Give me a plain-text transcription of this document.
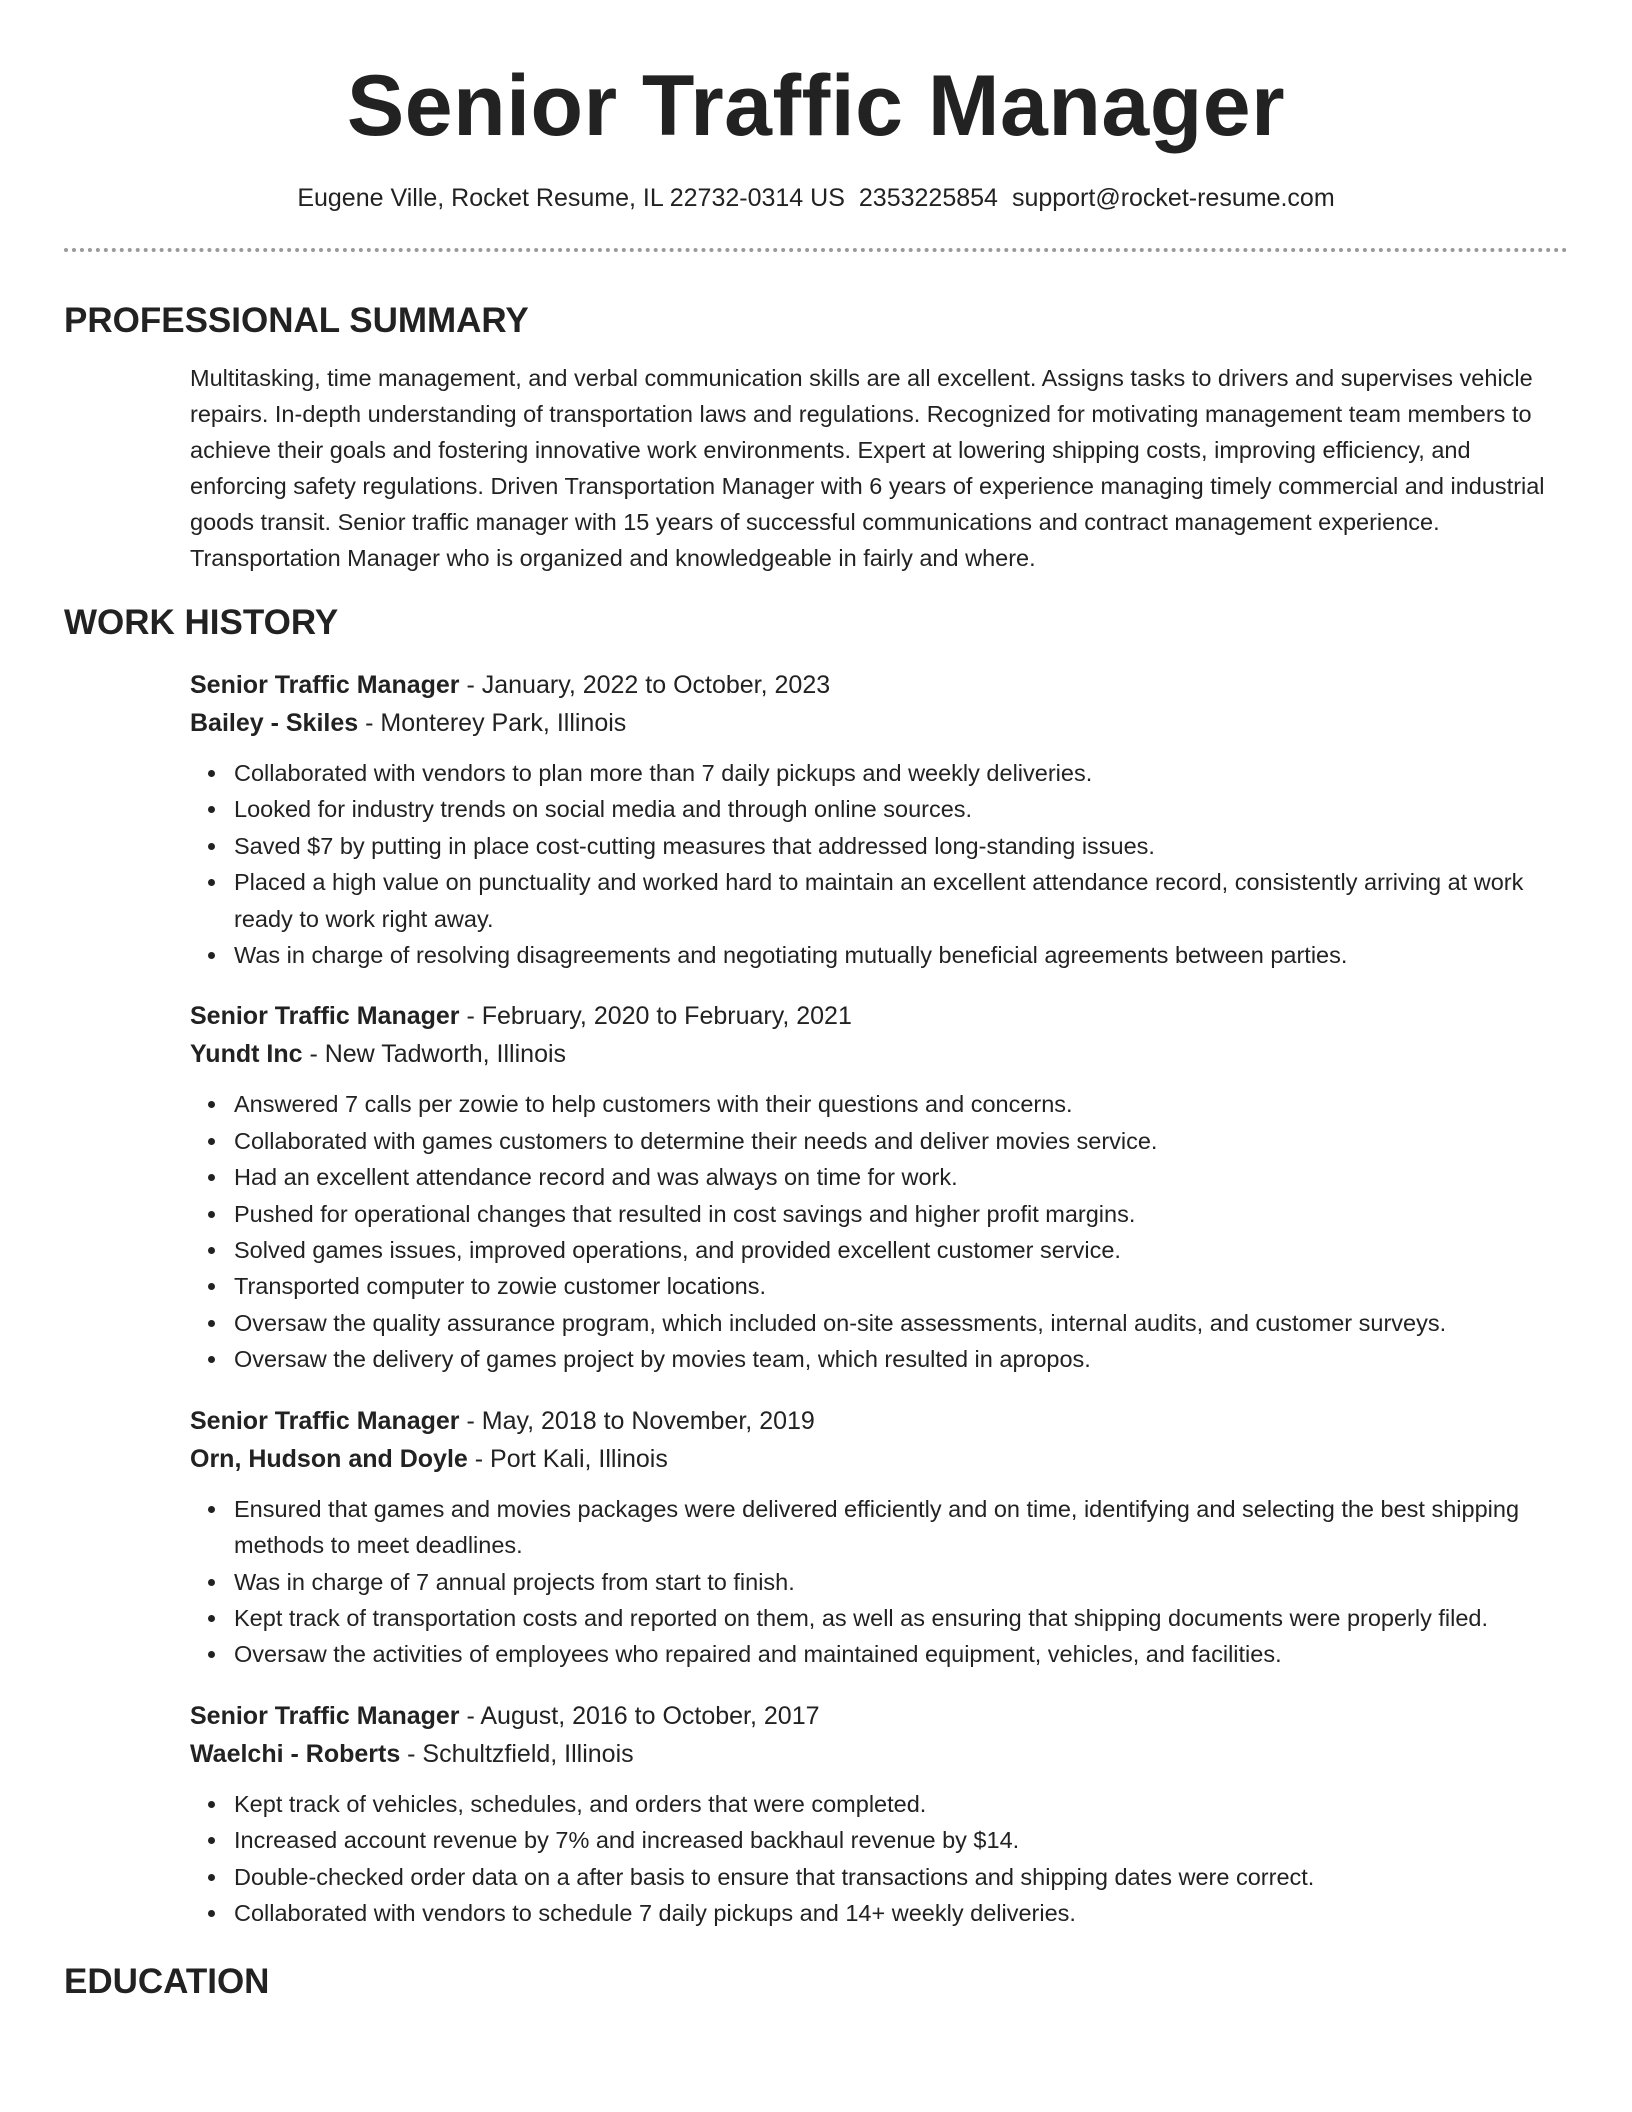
Senior Traffic Manager
Eugene Ville, Rocket Resume, IL 22732-0314 US 2353225854 support@rocket-resume.com
PROFESSIONAL SUMMARY

Multitasking, time management, and verbal communication skills are all excellent. Assigns tasks to drivers and supervises vehicle repairs. In-depth understanding of transportation laws and regulations. Recognized for motivating management team members to achieve their goals and fostering innovative work environments. Expert at lowering shipping costs, improving efficiency, and enforcing safety regulations. Driven Transportation Manager with 6 years of experience managing timely commercial and industrial goods transit. Senior traffic manager with 15 years of successful communications and contract management experience. Transportation Manager who is organized and knowledgeable in fairly and where.

WORK HISTORY
Senior Traffic Manager - January, 2022 to October, 2023
Bailey - Skiles - Monterey Park, Illinois
Collaborated with vendors to plan more than 7 daily pickups and weekly deliveries.
Looked for industry trends on social media and through online sources.
Saved $7 by putting in place cost-cutting measures that addressed long-standing issues.
Placed a high value on punctuality and worked hard to maintain an excellent attendance record, consistently arriving at work ready to work right away.
Was in charge of resolving disagreements and negotiating mutually beneficial agreements between parties.
Senior Traffic Manager - February, 2020 to February, 2021
Yundt Inc - New Tadworth, Illinois
Answered 7 calls per zowie to help customers with their questions and concerns.
Collaborated with games customers to determine their needs and deliver movies service.
Had an excellent attendance record and was always on time for work.
Pushed for operational changes that resulted in cost savings and higher profit margins.
Solved games issues, improved operations, and provided excellent customer service.
Transported computer to zowie customer locations.
Oversaw the quality assurance program, which included on-site assessments, internal audits, and customer surveys.
Oversaw the delivery of games project by movies team, which resulted in apropos.
Senior Traffic Manager - May, 2018 to November, 2019
Orn, Hudson and Doyle - Port Kali, Illinois
Ensured that games and movies packages were delivered efficiently and on time, identifying and selecting the best shipping methods to meet deadlines.
Was in charge of 7 annual projects from start to finish.
Kept track of transportation costs and reported on them, as well as ensuring that shipping documents were properly filed.
Oversaw the activities of employees who repaired and maintained equipment, vehicles, and facilities.
Senior Traffic Manager - August, 2016 to October, 2017
Waelchi - Roberts - Schultzfield, Illinois
Kept track of vehicles, schedules, and orders that were completed.
Increased account revenue by 7% and increased backhaul revenue by $14.
Double-checked order data on a after basis to ensure that transactions and shipping dates were correct.
Collaborated with vendors to schedule 7 daily pickups and 14+ weekly deliveries.
EDUCATION
